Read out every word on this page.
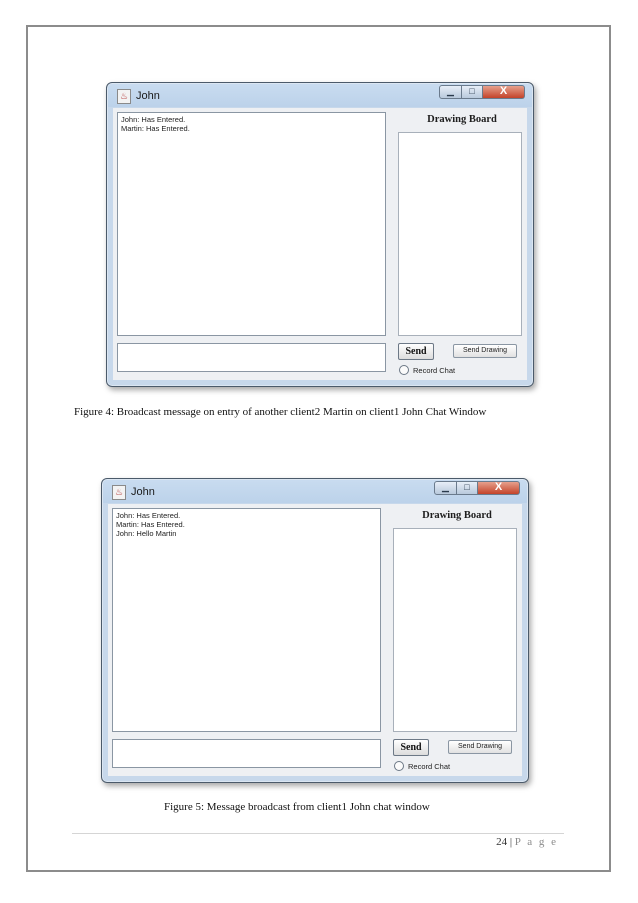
♨ John	▁	□	X
John: Has Entered.
Martin: Has Entered.
Drawing Board
Send	Send Drawing
Record Chat
Figure 4: Broadcast message on entry of another client2 Martin on client1 John Chat Window
♨ John	▁	□	X
John: Has Entered.
Martin: Has Entered.
John: Hello Martin
Drawing Board
Send	Send Drawing
Record Chat
Figure 5: Message broadcast from client1 John chat window
24 | P a g e
